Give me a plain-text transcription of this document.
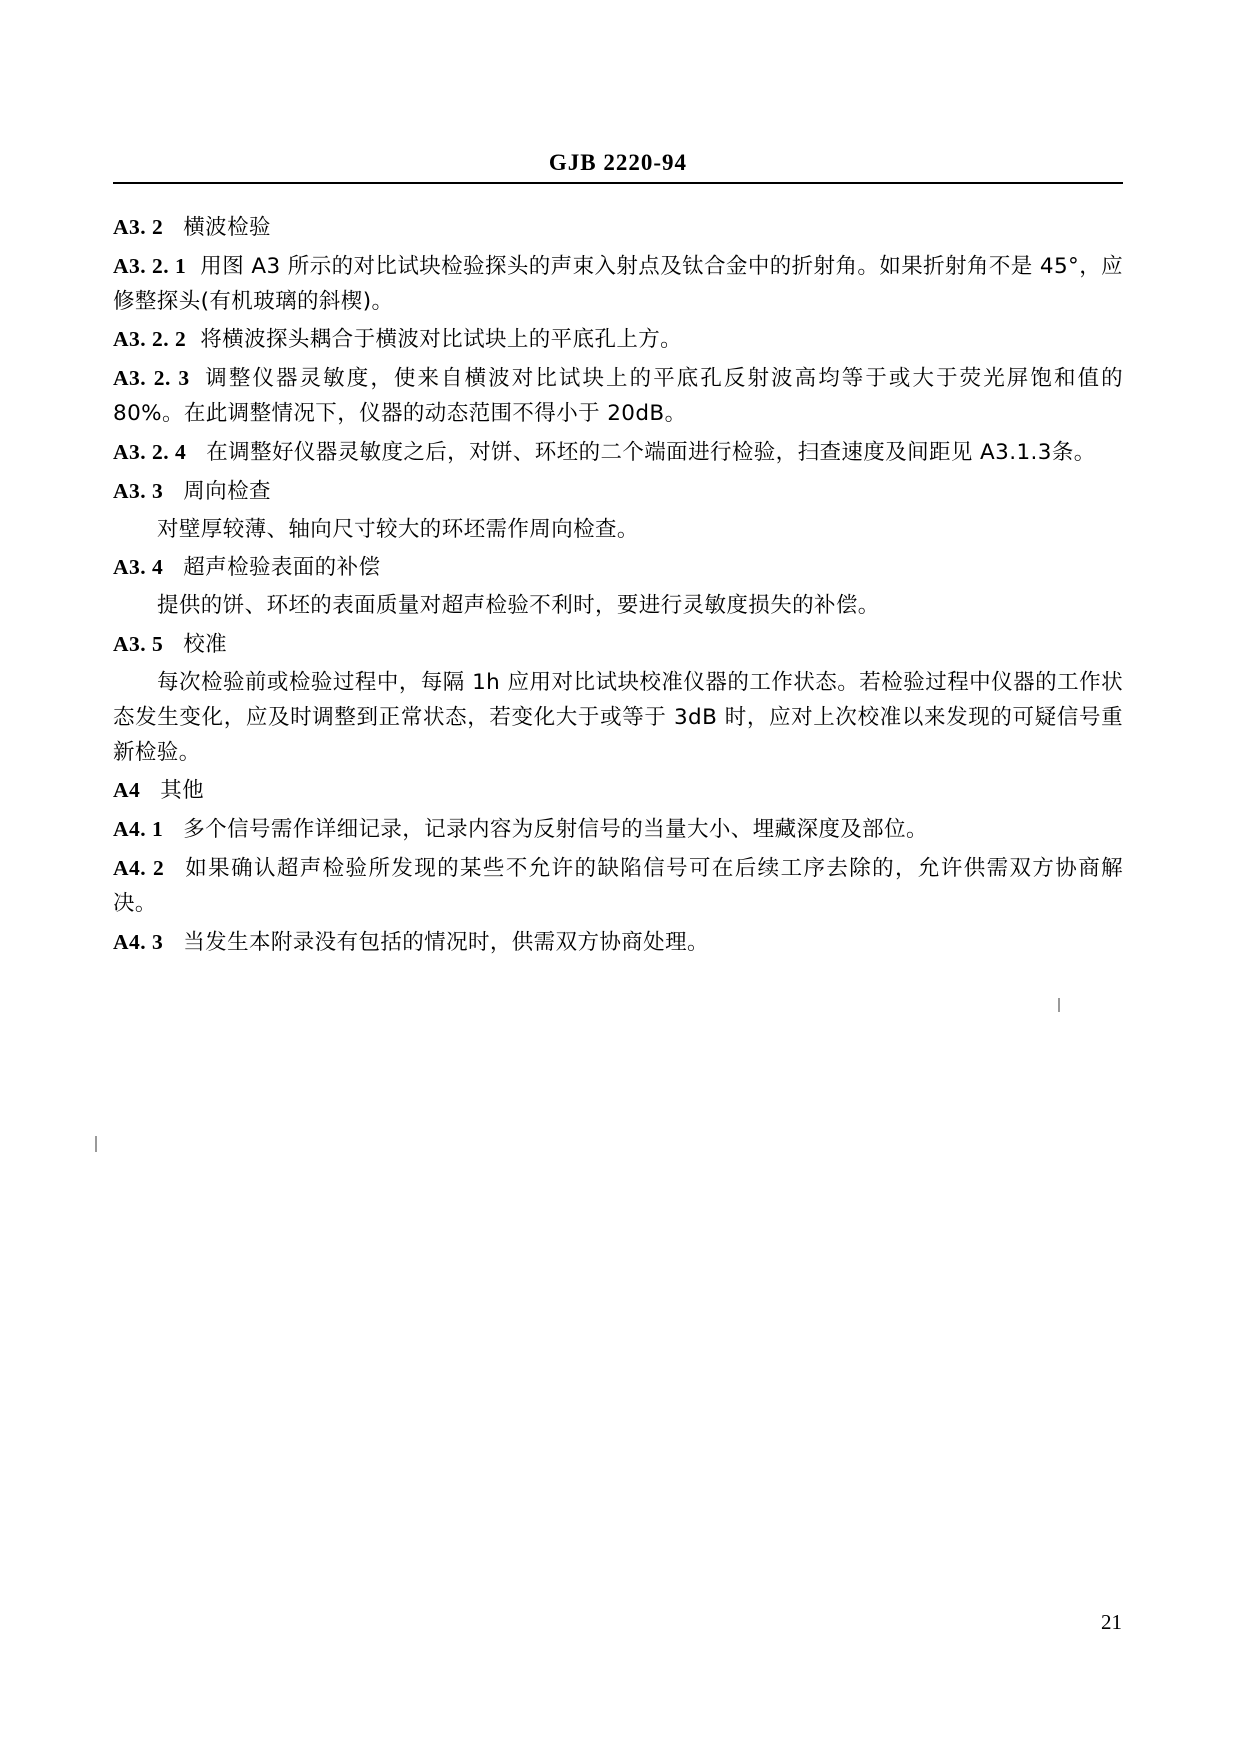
GJB 2220-94

A3. 2 横波检验

A3. 2. 1 用图 A3 所示的对比试块检验探头的声束入射点及钛合金中的折射角。如果折射角不是 45°，应修整探头(有机玻璃的斜楔)。

A3. 2. 2 将横波探头耦合于横波对比试块上的平底孔上方。

A3. 2. 3 调整仪器灵敏度，使来自横波对比试块上的平底孔反射波高均等于或大于荧光屏饱和值的 80%。在此调整情况下，仪器的动态范围不得小于 20dB。

A3. 2. 4 在调整好仪器灵敏度之后，对饼、环坯的二个端面进行检验，扫查速度及间距见 A3.1.3条。

A3. 3 周向检查

对壁厚较薄、轴向尺寸较大的环坯需作周向检查。

A3. 4 超声检验表面的补偿

提供的饼、环坯的表面质量对超声检验不利时，要进行灵敏度损失的补偿。

A3. 5 校准

每次检验前或检验过程中，每隔 1h 应用对比试块校准仪器的工作状态。若检验过程中仪器的工作状态发生变化，应及时调整到正常状态，若变化大于或等于 3dB 时，应对上次校准以来发现的可疑信号重新检验。

A4 其他

A4. 1 多个信号需作详细记录，记录内容为反射信号的当量大小、埋藏深度及部位。

A4. 2 如果确认超声检验所发现的某些不允许的缺陷信号可在后续工序去除的，允许供需双方协商解决。

A4. 3 当发生本附录没有包括的情况时，供需双方协商处理。

21
